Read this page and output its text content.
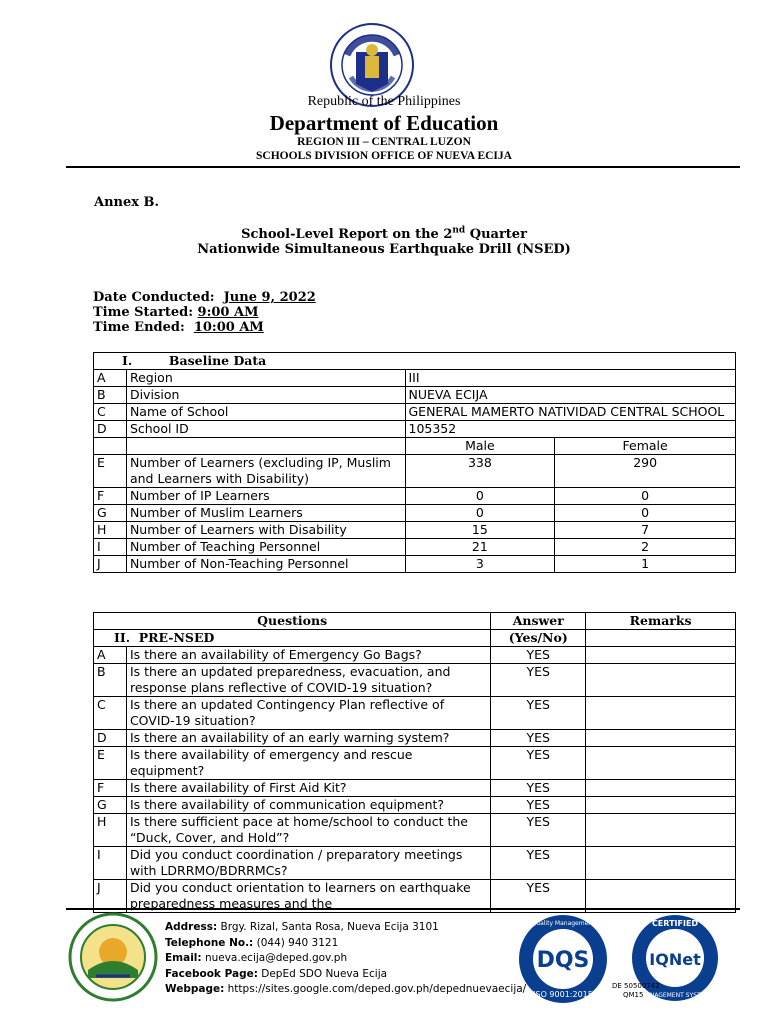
Republic of the Philippines
Department of Education
REGION III – CENTRAL LUZON
SCHOOLS DIVISION OFFICE OF NUEVA ECIJA
Annex B.
School-Level Report on the 2nd Quarter
Nationwide Simultaneous Earthquake Drill (NSED)
Date Conducted: June 9, 2022
Time Started: 9:00 AM
Time Ended: 10:00 AM
I. Baseline Data			
A	Region	III	
B	Division	NUEVA ECIJA	
C	Name of School	GENERAL MAMERTO NATIVIDAD CENTRAL SCHOOL	
D	School ID	105352	
		Male	Female
E	Number of Learners (excluding IP, Muslim and Learners with Disability)	338	290
F	Number of IP Learners	0	0
G	Number of Muslim Learners	0	0
H	Number of Learners with Disability	15	7
I	Number of Teaching Personnel	21	2
J	Number of Non-Teaching Personnel	3	1
Questions		Answer	Remarks
II.  PRE-NSED		(Yes/No)	
A	Is there an availability of Emergency Go Bags?	YES	
B	Is there an updated preparedness, evacuation, and response plans reflective of COVID-19 situation?	YES	
C	Is there an updated Contingency Plan reflective of COVID-19 situation?	YES	
D	Is there an availability of an early warning system?	YES	
E	Is there availability of emergency and rescue equipment?	YES	
F	Is there availability of First Aid Kit?	YES	
G	Is there availability of communication equipment?	YES	
H	Is there sufficient pace at home/school to conduct the “Duck, Cover, and Hold”?	YES	
I	Did you conduct coordination / preparatory meetings with LDRRMO/BDRRMCs?	YES	
J	Did you conduct orientation to learners on earthquake preparedness measures and the	YES	
Address: Brgy. Rizal, Santa Rosa, Nueva Ecija 3101
Telephone No.: (044) 940 3121
Email: nueva.ecija@deped.gov.ph
Facebook Page: DepEd SDO Nueva Ecija
Webpage: https://sites.google.com/deped.gov.ph/depednuevaecija/
DQS
ISO 9001:2015
Quality Management
IQNet
CERTIFIED
MANAGEMENT SYSTEM
DE 50500742
QM15
